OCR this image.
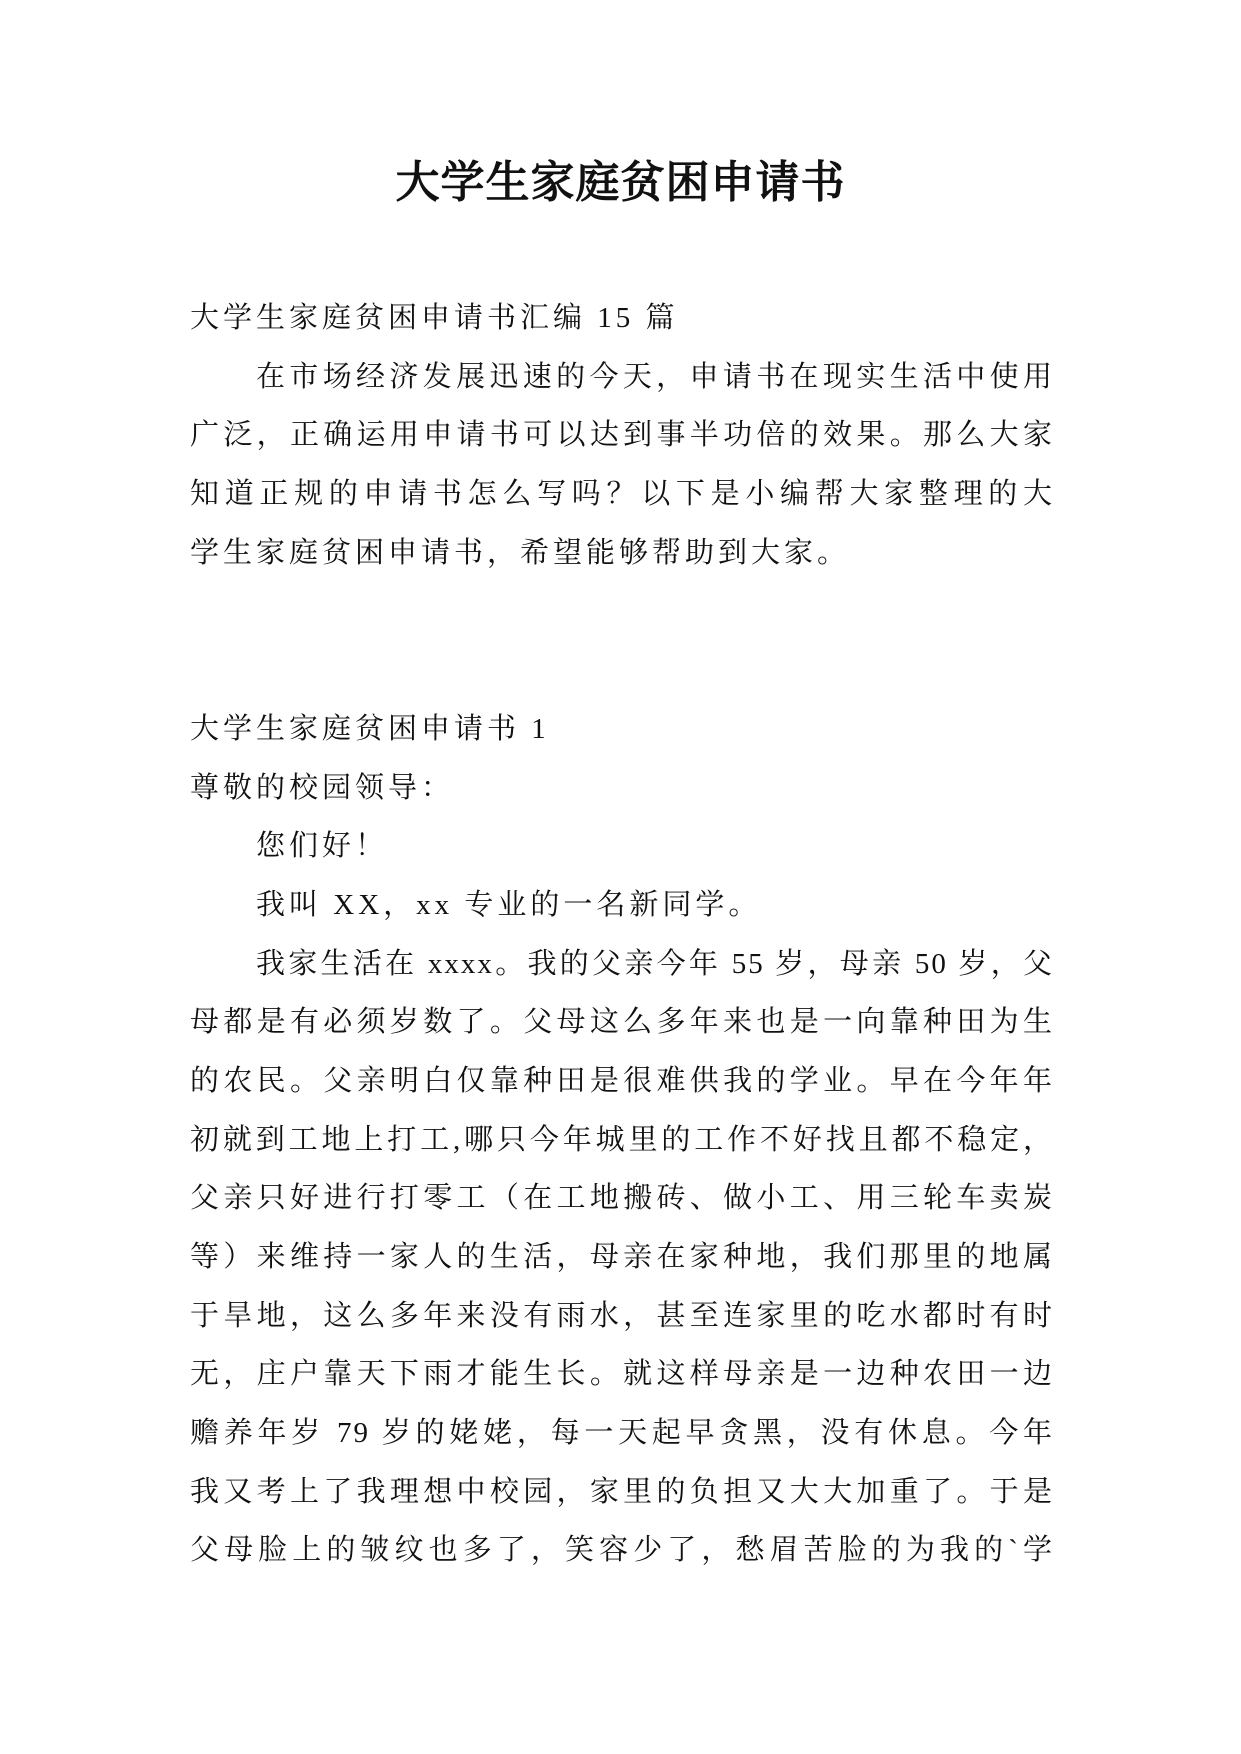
大学生家庭贫困申请书
大学生家庭贫困申请书汇编 15 篇
在市场经济发展迅速的今天，申请书在现实生活中使用
广泛，正确运用申请书可以达到事半功倍的效果。那么大家
知道正规的申请书怎么写吗？以下是小编帮大家整理的大
学生家庭贫困申请书，希望能够帮助到大家。
大学生家庭贫困申请书 1
尊敬的校园领导：
您们好！
我叫 XX，xx 专业的一名新同学。
我家生活在 xxxx。我的父亲今年 55 岁，母亲 50 岁，父
母都是有必须岁数了。父母这么多年来也是一向靠种田为生
的农民。父亲明白仅靠种田是很难供我的学业。早在今年年
初就到工地上打工,哪只今年城里的工作不好找且都不稳定，
父亲只好进行打零工（在工地搬砖、做小工、用三轮车卖炭
等）来维持一家人的生活，母亲在家种地，我们那里的地属
于旱地，这么多年来没有雨水，甚至连家里的吃水都时有时
无，庄户靠天下雨才能生长。就这样母亲是一边种农田一边
赡养年岁 79 岁的姥姥，每一天起早贪黑，没有休息。今年
我又考上了我理想中校园，家里的负担又大大加重了。于是
父母脸上的皱纹也多了，笑容少了，愁眉苦脸的为我的`学
